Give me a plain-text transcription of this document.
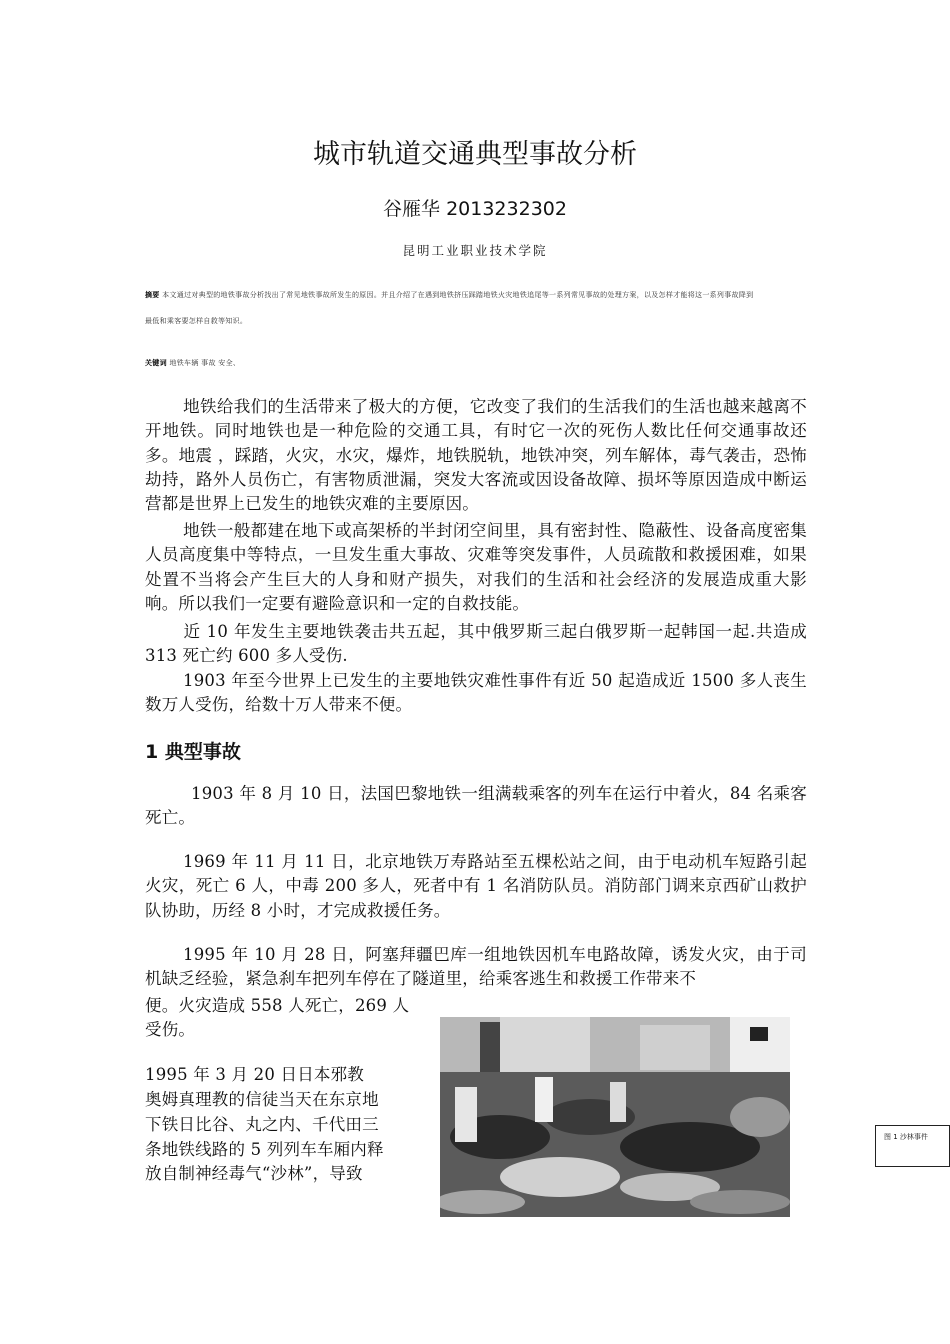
城市轨道交通典型事故分析
谷雁华 2013232302
昆明工业职业技术学院
摘要 本文通过对典型的地铁事故分析找出了常见地铁事故所发生的原因。并且介绍了在遇到地铁挤压踩踏地铁火灾地铁追尾等一系列常见事故的处理方案，以及怎样才能将这一系列事故降到
最低和乘客要怎样自救等知识。
关键词 地铁车辆 事故 安全、

地铁给我们的生活带来了极大的方便，它改变了我们的生活我们的生活也越来越离不开地铁。同时地铁也是一种危险的交通工具，有时它一次的死伤人数比任何交通事故还多。地震 ，踩踏，火灾，水灾，爆炸，地铁脱轨，地铁冲突，列车解体，毒气袭击，恐怖劫持，路外人员伤亡，有害物质泄漏，突发大客流或因设备故障、损坏等原因造成中断运营都是世界上已发生的地铁灾难的主要原因。

地铁一般都建在地下或高架桥的半封闭空间里，具有密封性、隐蔽性、设备高度密集人员高度集中等特点，一旦发生重大事故、灾难等突发事件，人员疏散和救援困难，如果处置不当将会产生巨大的人身和财产损失，对我们的生活和社会经济的发展造成重大影响。所以我们一定要有避险意识和一定的自救技能。

近 10 年发生主要地铁袭击共五起，其中俄罗斯三起白俄罗斯一起韩国一起.共造成 313 死亡约 600 多人受伤.

1903 年至今世界上已发生的主要地铁灾难性事件有近 50 起造成近 1500 多人丧生数万人受伤，给数十万人带来不便。

1 典型事故

1903 年 8 月 10 日，法国巴黎地铁一组满载乘客的列车在运行中着火，84 名乘客死亡。

1969 年 11 月 11 日，北京地铁万寿路站至五棵松站之间，由于电动机车短路引起火灾，死亡 6 人，中毒 200 多人，死者中有 1 名消防队员。消防部门调来京西矿山救护队协助，历经 8 小时，才完成救援任务。

1995 年 10 月 28 日，阿塞拜疆巴库一组地铁因机车电路故障，诱发火灾，由于司机缺乏经验，紧急刹车把列车停在了隧道里，给乘客逃生和救援工作带来不

便。火灾造成 558 人死亡，269 人

受伤。

1995 年 3 月 20 日日本邪教

奥姆真理教的信徒当天在东京地

下铁日比谷、丸之内、千代田三

条地铁线路的 5 列列车车厢内释

放自制神经毒气“沙林”，导致

图 1 沙林事件
